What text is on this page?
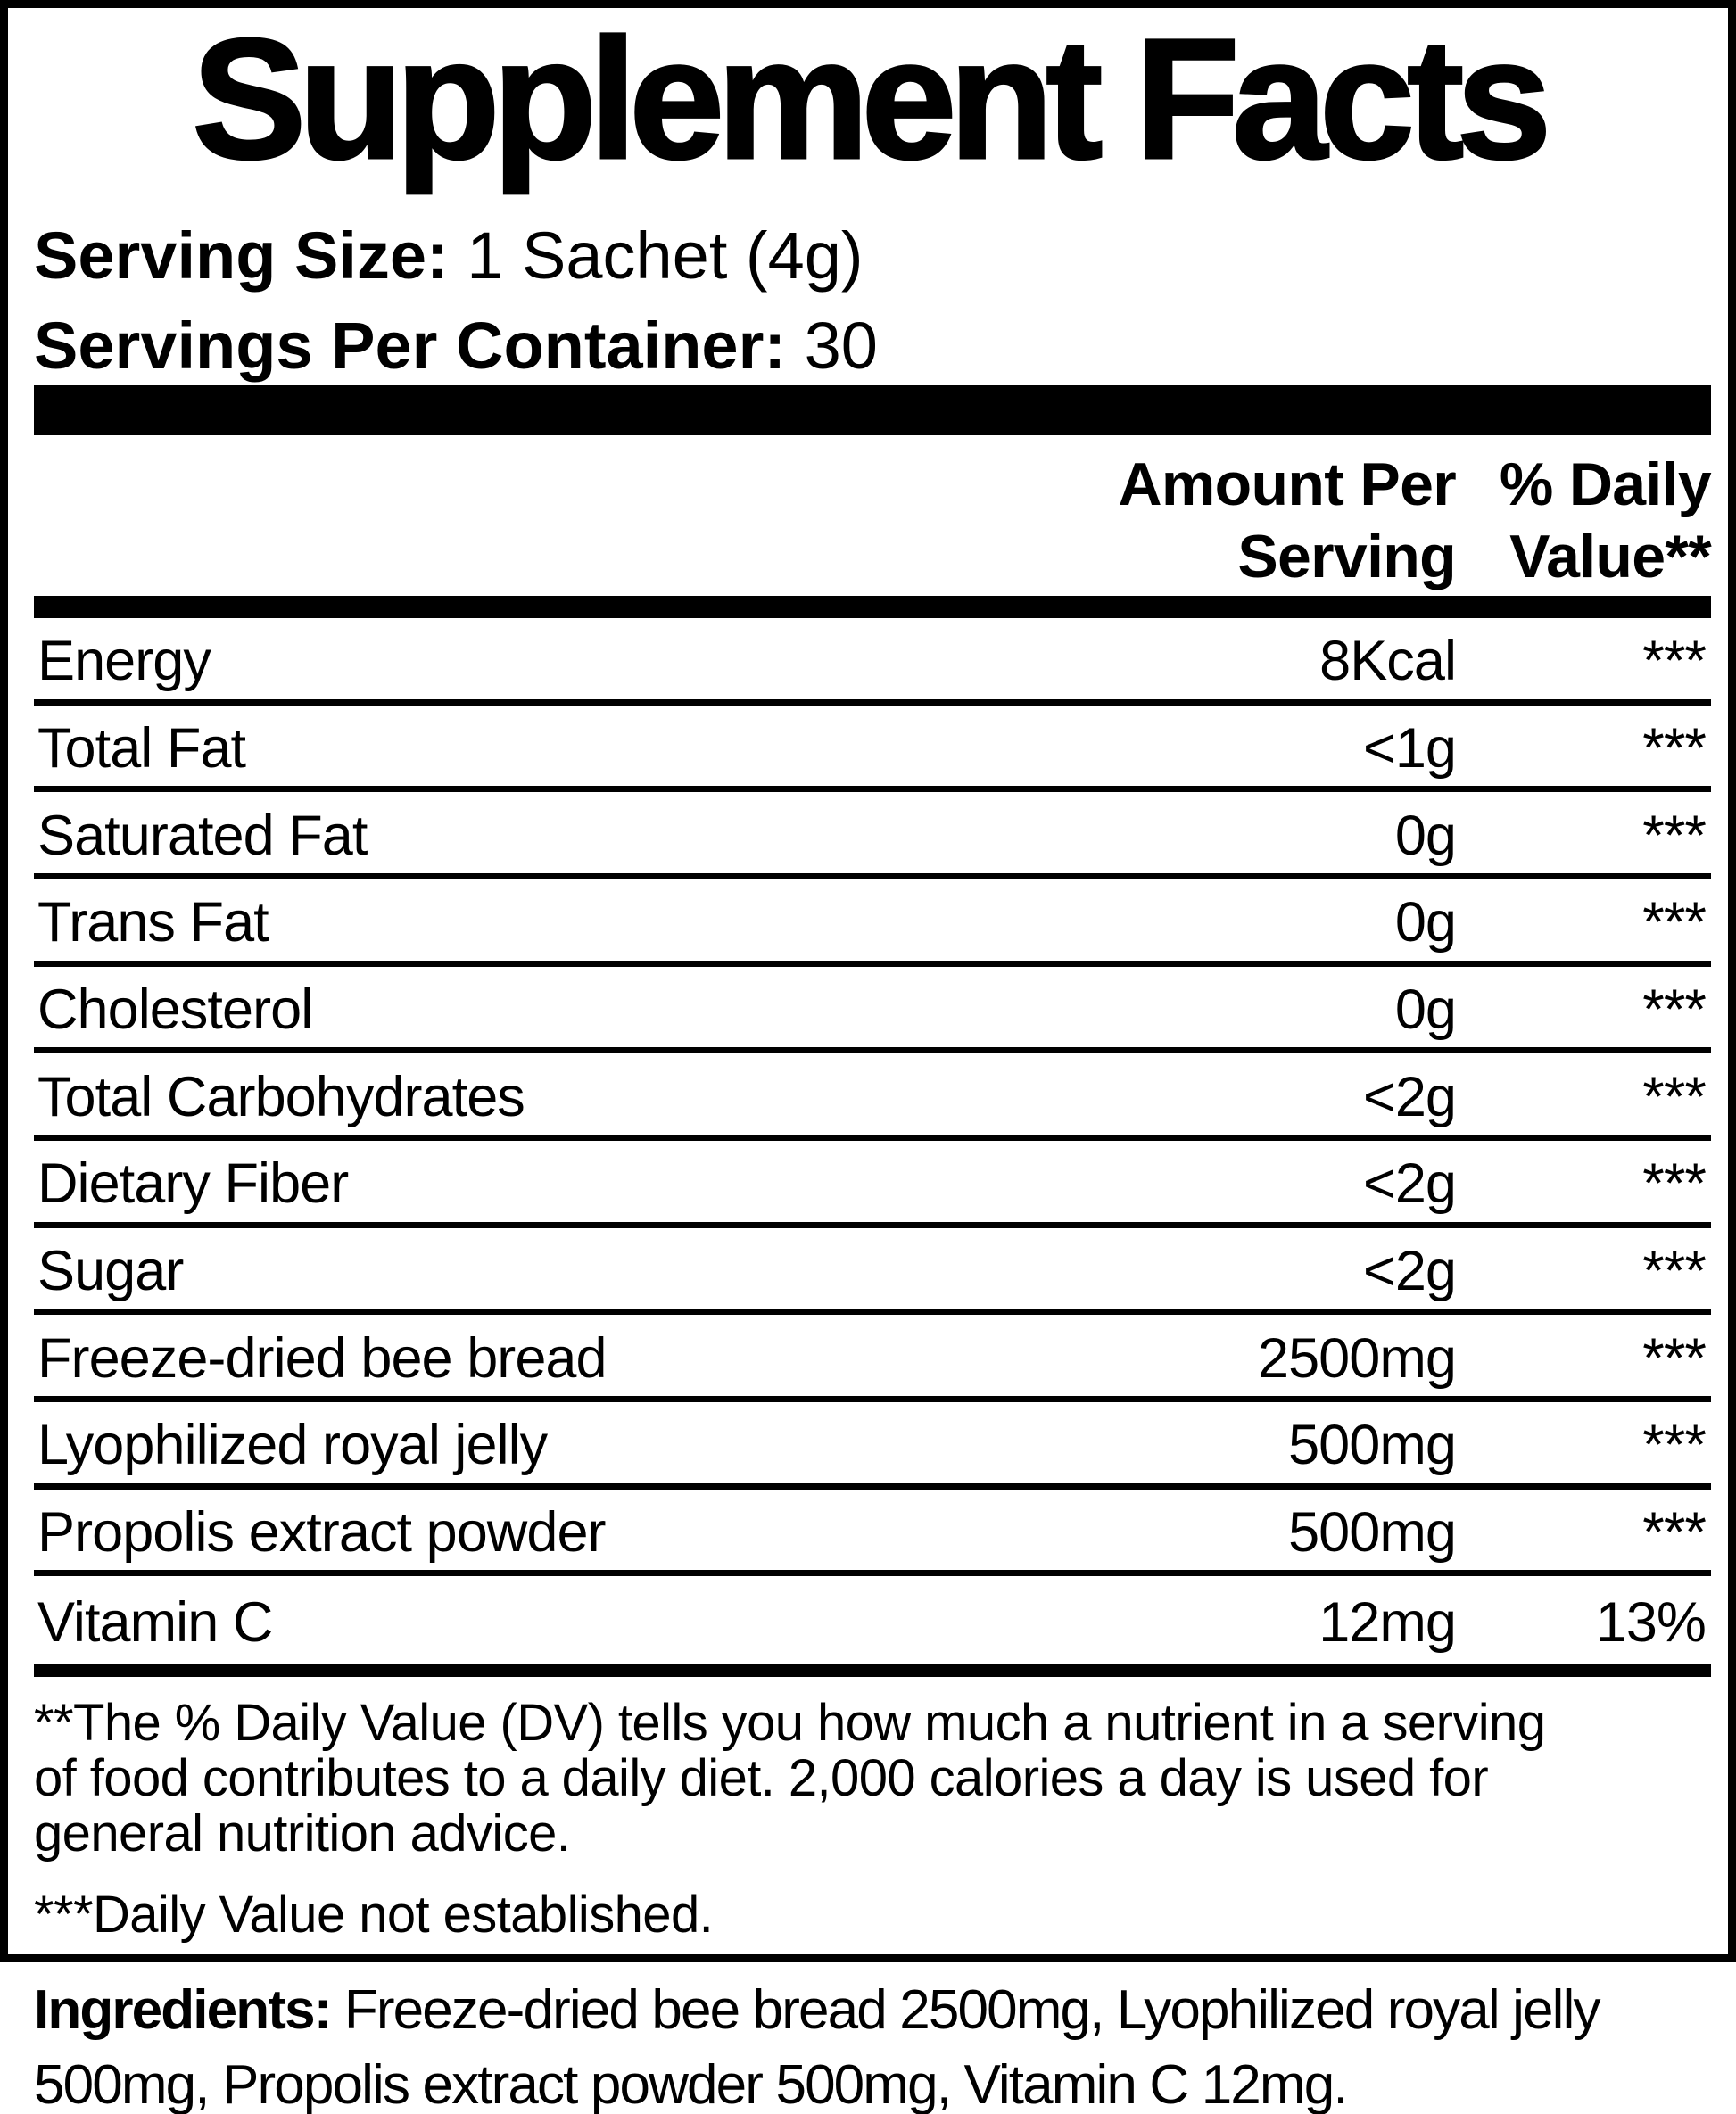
Supplement Facts
Serving Size: 1 Sachet (4g)
Servings Per Container: 30
Amount Per
Serving
% Daily
Value**
Energy	8Kcal	***
Total Fat	<1g	***
Saturated Fat	0g	***
Trans Fat	0g	***
Cholesterol	0g	***
Total Carbohydrates	<2g	***
Dietary Fiber	<2g	***
Sugar	<2g	***
Freeze-dried bee bread	2500mg	***
Lyophilized royal jelly	500mg	***
Propolis extract powder	500mg	***
Vitamin C	12mg	13%
**The % Daily Value (DV) tells you how much a nutrient in a serving
of food contributes to a daily diet. 2,000 calories a day is used for
general nutrition advice.
***Daily Value not established.
Ingredients: Freeze-dried bee bread 2500mg, Lyophilized royal jelly
500mg, Propolis extract powder 500mg, Vitamin C 12mg.
